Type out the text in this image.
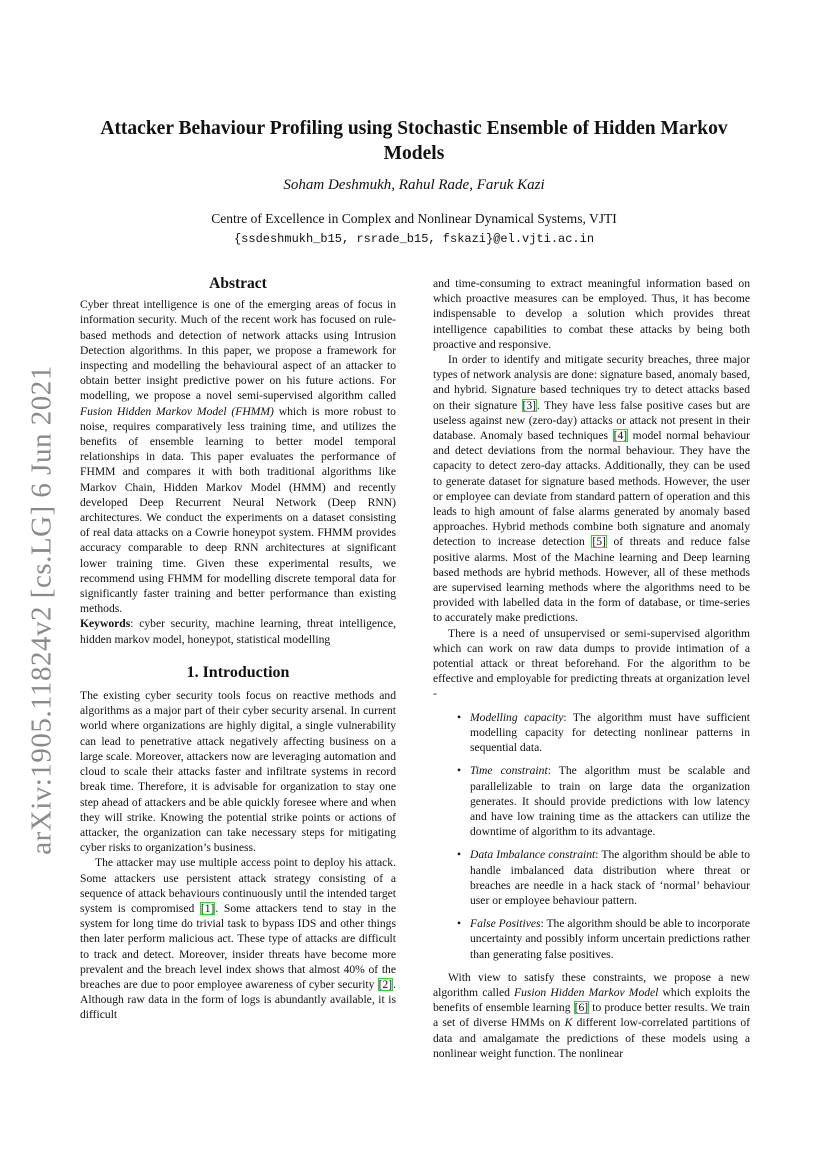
arXiv:1905.11824v2 [cs.LG] 6 Jun 2021
Attacker Behaviour Profiling using Stochastic Ensemble of Hidden Markov Models
Soham Deshmukh, Rahul Rade, Faruk Kazi
Centre of Excellence in Complex and Nonlinear Dynamical Systems, VJTI
{ssdeshmukh_b15, rsrade_b15, fskazi}@el.vjti.ac.in
Abstract

Cyber threat intelligence is one of the emerging areas of focus in information security. Much of the recent work has focused on rule-based methods and detection of network attacks using Intrusion Detection algorithms. In this paper, we propose a framework for inspecting and modelling the behavioural aspect of an attacker to obtain better insight predictive power on his future actions. For modelling, we propose a novel semi-supervised algorithm called Fusion Hidden Markov Model (FHMM) which is more robust to noise, requires comparatively less training time, and utilizes the benefits of ensemble learning to better model temporal relationships in data. This paper evaluates the performance of FHMM and compares it with both traditional algorithms like Markov Chain, Hidden Markov Model (HMM) and recently developed Deep Recurrent Neural Network (Deep RNN) architectures. We conduct the experiments on a dataset consisting of real data attacks on a Cowrie honeypot system. FHMM provides accuracy comparable to deep RNN architectures at significant lower training time. Given these experimental results, we recommend using FHMM for modelling discrete temporal data for significantly faster training and better performance than existing methods.

Keywords: cyber security, machine learning, threat intelligence, hidden markov model, honeypot, statistical modelling

1. Introduction

The existing cyber security tools focus on reactive methods and algorithms as a major part of their cyber security arsenal. In current world where organizations are highly digital, a single vulnerability can lead to penetrative attack negatively affecting business on a large scale. Moreover, attackers now are leveraging automation and cloud to scale their attacks faster and infiltrate systems in record break time. Therefore, it is advisable for organization to stay one step ahead of attackers and be able quickly foresee where and when they will strike. Knowing the potential strike points or actions of attacker, the organization can take necessary steps for mitigating cyber risks to organization’s business.

The attacker may use multiple access point to deploy his attack. Some attackers use persistent attack strategy consisting of a sequence of attack behaviours continuously until the intended target system is compromised [1]. Some attackers tend to stay in the system for long time do trivial task to bypass IDS and other things then later perform malicious act. These type of attacks are difficult to track and detect. Moreover, insider threats have become more prevalent and the breach level index shows that almost 40% of the breaches are due to poor employee awareness of cyber security [2]. Although raw data in the form of logs is abundantly available, it is difficult

and time-consuming to extract meaningful information based on which proactive measures can be employed. Thus, it has become indispensable to develop a solution which provides threat intelligence capabilities to combat these attacks by being both proactive and responsive.

In order to identify and mitigate security breaches, three major types of network analysis are done: signature based, anomaly based, and hybrid. Signature based techniques try to detect attacks based on their signature [3]. They have less false positive cases but are useless against new (zero-day) attacks or attack not present in their database. Anomaly based techniques [4] model normal behaviour and detect deviations from the normal behaviour. They have the capacity to detect zero-day attacks. Additionally, they can be used to generate dataset for signature based methods. However, the user or employee can deviate from standard pattern of operation and this leads to high amount of false alarms generated by anomaly based approaches. Hybrid methods combine both signature and anomaly detection to increase detection [5] of threats and reduce false positive alarms. Most of the Machine learning and Deep learning based methods are hybrid methods. However, all of these methods are supervised learning methods where the algorithms need to be provided with labelled data in the form of database, or time-series to accurately make predictions.

There is a need of unsupervised or semi-supervised algorithm which can work on raw data dumps to provide intimation of a potential attack or threat beforehand. For the algorithm to be effective and employable for predicting threats at organization level -

• Modelling capacity: The algorithm must have sufficient modelling capacity for detecting nonlinear patterns in sequential data.
• Time constraint: The algorithm must be scalable and parallelizable to train on large data the organization generates. It should provide predictions with low latency and have low training time as the attackers can utilize the downtime of algorithm to its advantage.
• Data Imbalance constraint: The algorithm should be able to handle imbalanced data distribution where threat or breaches are needle in a hack stack of ‘normal’ behaviour user or employee behaviour pattern.
• False Positives: The algorithm should be able to incorporate uncertainty and possibly inform uncertain predictions rather than generating false positives.

With view to satisfy these constraints, we propose a new algorithm called Fusion Hidden Markov Model which exploits the benefits of ensemble learning [6] to produce better results. We train a set of diverse HMMs on K different low-correlated partitions of data and amalgamate the predictions of these models using a nonlinear weight function. The nonlinear
